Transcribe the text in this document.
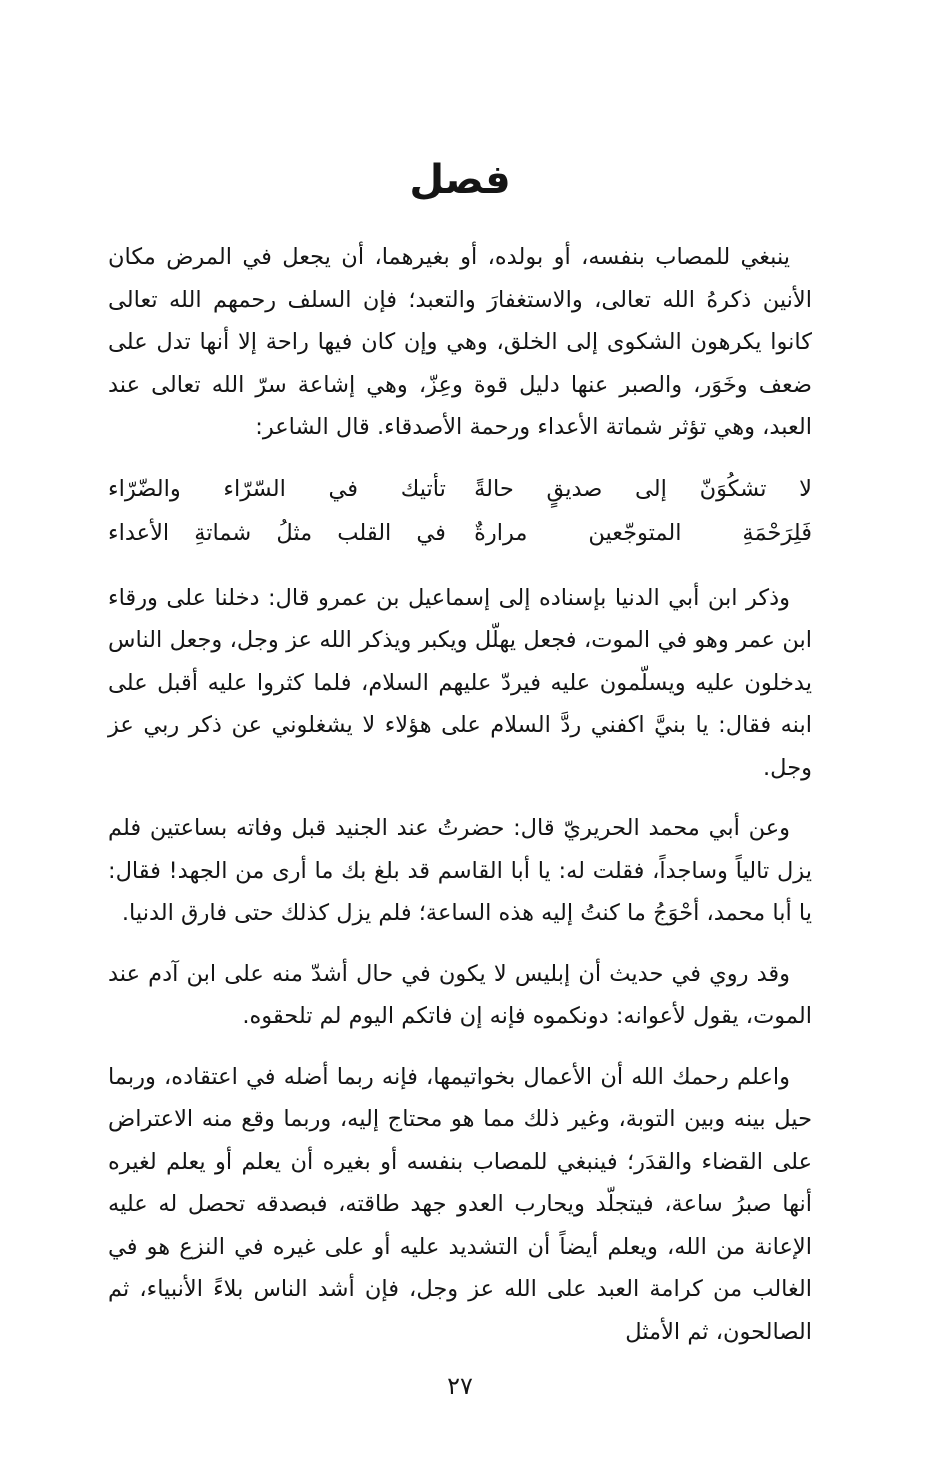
فصل

ينبغي للمصاب بنفسه، أو بولده، أو بغيرهما، أن يجعل في المرض مكان الأنين ذكرهُ الله تعالى، والاستغفارَ والتعبد؛ فإن السلف رحمهم الله تعالى كانوا يكرهون الشكوى إلى الخلق، وهي وإن كان فيها راحة إلا أنها تدل على ضعف وخَوَر، والصبر عنها دليل قوة وعِزّ، وهي إشاعة سرّ الله تعالى عند العبد، وهي تؤثر شماتة الأعداء ورحمة الأصدقاء. قال الشاعر:

لا تشكُوَنّ إلى صديقٍ حالةً
تأتيك في السّرّاء والضّرّاء
فَلِرَحْمَةِ المتوجّعين مرارةٌ
في القلب مثلُ شماتةِ الأعداء

وذكر ابن أبي الدنيا بإسناده إلى إسماعيل بن عمرو قال: دخلنا على ورقاء ابن عمر وهو في الموت، فجعل يهلّل ويكبر ويذكر الله عز وجل، وجعل الناس يدخلون عليه ويسلّمون عليه فيردّ عليهم السلام، فلما كثروا عليه أقبل على ابنه فقال: يا بنيَّ اكفني ردَّ السلام على هؤلاء لا يشغلوني عن ذكر ربي عز وجل.

وعن أبي محمد الحريريّ قال: حضرتُ عند الجنيد قبل وفاته بساعتين فلم يزل تالياً وساجداً، فقلت له: يا أبا القاسم قد بلغ بك ما أرى من الجهد! فقال: يا أبا محمد، أحْوَجُ ما كنتُ إليه هذه الساعة؛ فلم يزل كذلك حتى فارق الدنيا.

وقد روي في حديث أن إبليس لا يكون في حال أشدّ منه على ابن آدم عند الموت، يقول لأعوانه: دونكموه فإنه إن فاتكم اليوم لم تلحقوه.

واعلم رحمك الله أن الأعمال بخواتيمها، فإنه ربما أضله في اعتقاده، وربما حيل بينه وبين التوبة، وغير ذلك مما هو محتاج إليه، وربما وقع منه الاعتراض على القضاء والقدَر؛ فينبغي للمصاب بنفسه أو بغيره أن يعلم أو يعلم لغيره أنها صبرُ ساعة، فيتجلّد ويحارب العدو جهد طاقته، فبصدقه تحصل له عليه الإعانة من الله، ويعلم أيضاً أن التشديد عليه أو على غيره في النزع هو في الغالب من كرامة العبد على الله عز وجل، فإن أشد الناس بلاءً الأنبياء، ثم الصالحون، ثم الأمثل

٢٧
